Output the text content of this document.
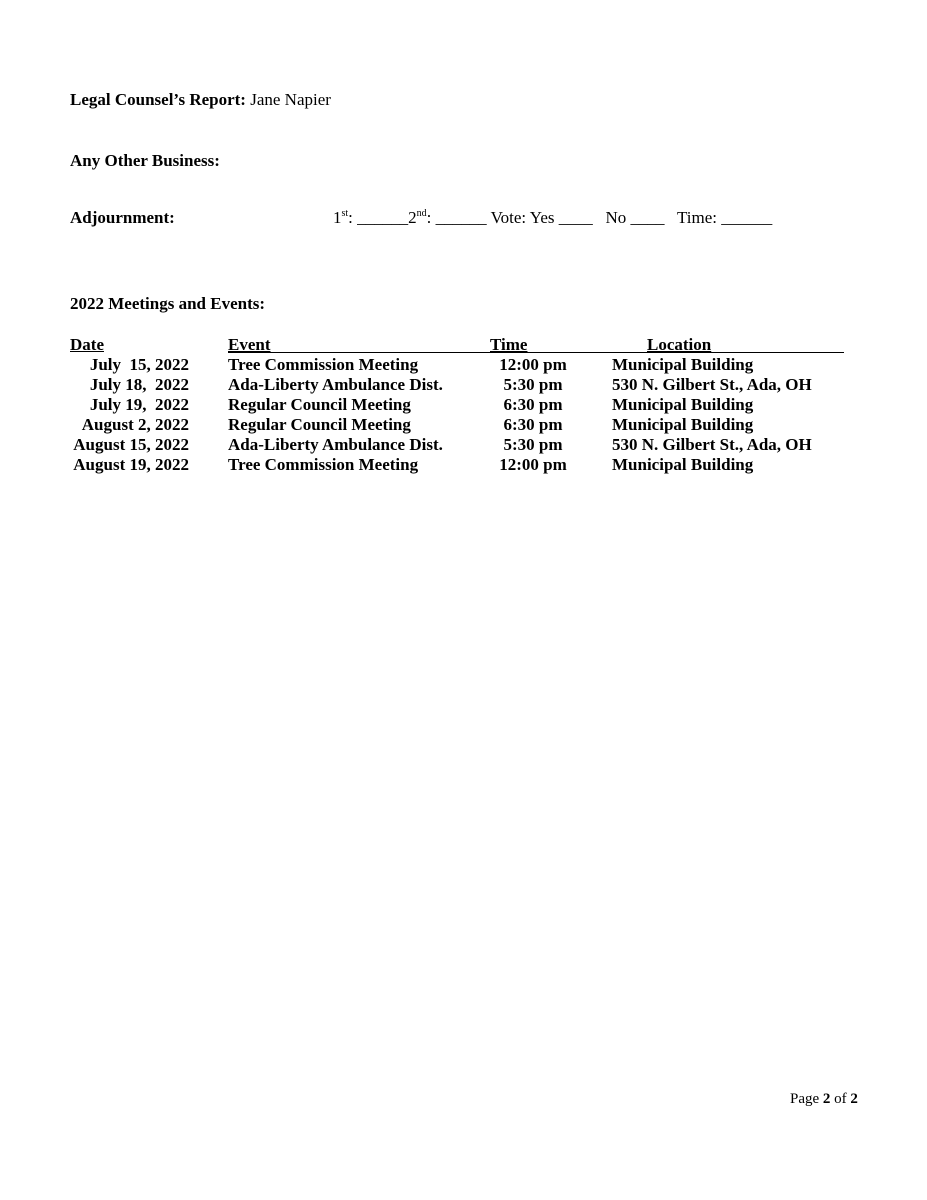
Legal Counsel’s Report: Jane Napier
Any Other Business:
Adjournment:	1st: ______2nd: ______ Vote: Yes ____   No ____   Time: ______
2022 Meetings and Events:
Date	Event	Time	Location
July  15, 2022 Tree Commission Meeting	12:00 pm	Municipal Building
July 18,  2022 Ada-Liberty Ambulance Dist.	5:30 pm	530 N. Gilbert St., Ada, OH
July 19,  2022 Regular Council Meeting	6:30 pm	Municipal Building
August 2, 2022 Regular Council Meeting	6:30 pm	Municipal Building
August 15, 2022 Ada-Liberty Ambulance Dist.	5:30 pm	530 N. Gilbert St., Ada, OH
August 19, 2022 Tree Commission Meeting	12:00 pm	Municipal Building
Page 2 of 2
